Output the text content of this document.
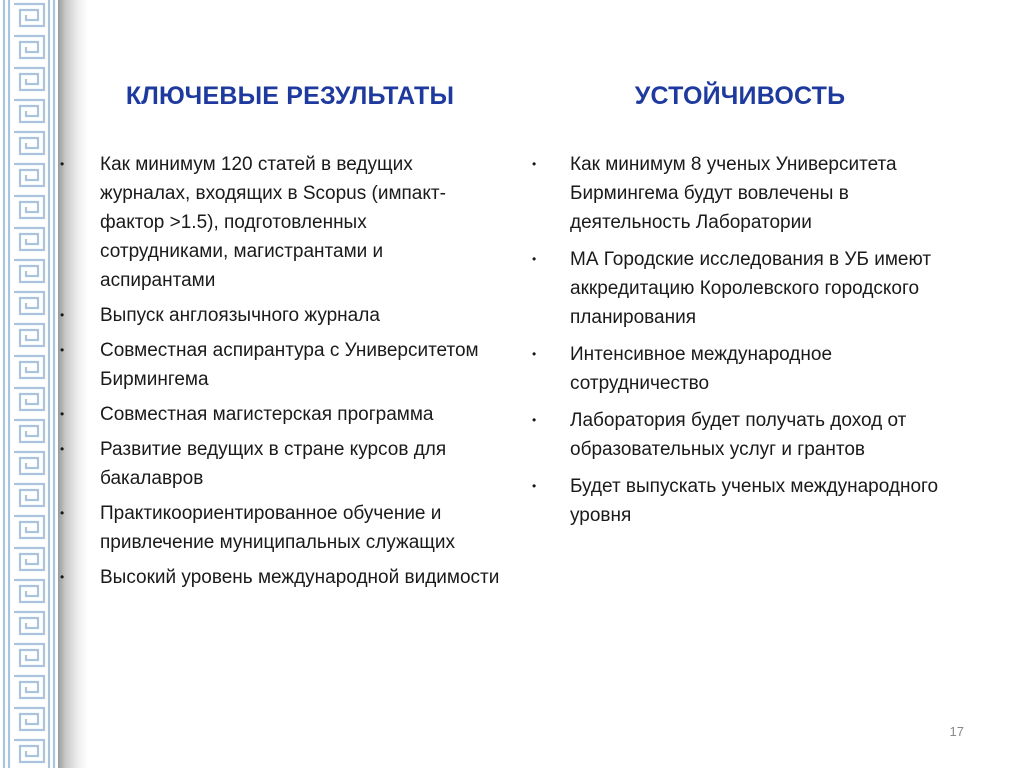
КЛЮЧЕВЫЕ РЕЗУЛЬТАТЫ
• Как минимум 120 статей в ведущих журналах, входящих в Scopus (импакт-фактор >1.5), подготовленных сотрудниками, магистрантами и аспирантами
• Выпуск англоязычного журнала
• Совместная аспирантура с Университетом Бирмингема
• Совместная магистерская программа
• Развитие ведущих в стране курсов для бакалавров
• Практикоориентированное обучение и привлечение муниципальных служащих
• Высокий уровень международной видимости
УСТОЙЧИВОСТЬ
• Как минимум 8 ученых Университета Бирмингема будут вовлечены в деятельность Лаборатории
• МА Городские исследования в УБ имеют аккредитацию Королевского городского планирования
• Интенсивное международное сотрудничество
• Лаборатория будет получать доход от образовательных услуг и грантов
• Будет выпускать ученых международного уровня
17
